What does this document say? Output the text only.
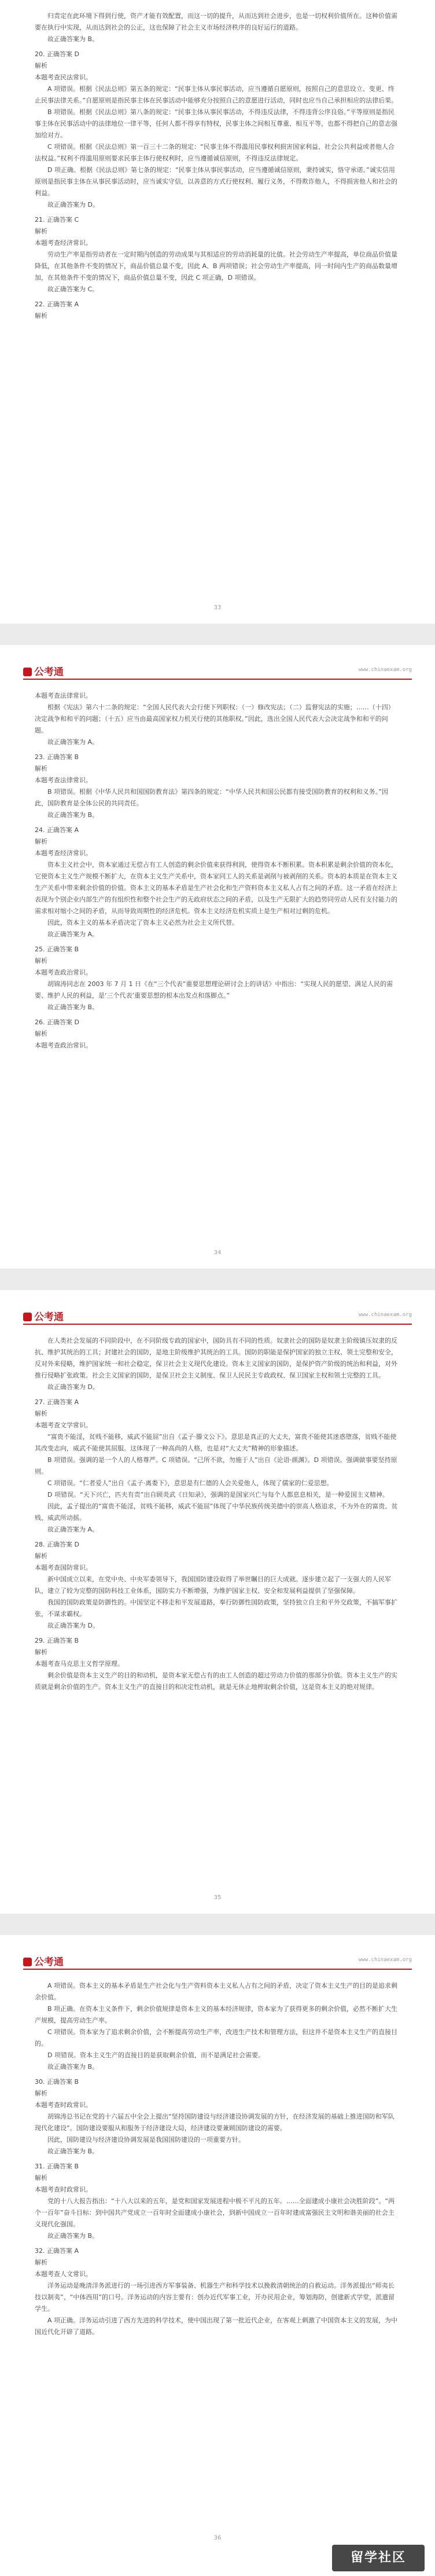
归责定在此环境下得到行使，资产才能有效配置，而这一切的提升，从而达到社会进步，也是一切权利价值所在。这种价值需要在执行中实现，从而达到社会的公正，这也保障了社会主义市场经济秩序的良好运行的道路。

故正确答案为 B。

20. 正确答案 D

解析

本题考查民法常识。

A 项错误。根据《民法总则》第五条的规定：“民事主体从事民事活动，应当遵循自愿原则，按照自己的意思设立、变更、终止民事法律关系。”自愿原则是指民事主体在民事活动中能够充分按照自己的意愿进行活动，同时也应当自己承担相应的法律后果。

B 项错误。根据《民法总则》第八条的规定：“民事主体从事民事活动，不得违反法律，不得违背公序良俗。”平等原则是指民事主体在民事活动中的法律地位一律平等，任何人都不得享有特权，民事主体之间相互尊重、相互平等，也都不得把自己的意志强加给对方。

C 项错误。根据《民法总则》第一百三十二条的规定：“民事主体不得滥用民事权利损害国家利益、社会公共利益或者他人合法权益。”权利不得滥用原则要求民事主体行使权利时，应当遵循诚信原则，不得违反法律规定。

D 项正确。根据《民法总则》第七条的规定：“民事主体从事民事活动，应当遵循诚信原则，秉持诚实，恪守承诺。”诚实信用原则是指民事主体在从事民事活动时，应当诚实守信，以善意的方式行使权利、履行义务，不得欺诈他人，不得损害他人和社会的利益。

故正确答案为 D。

21. 正确答案 C

解析

本题考查经济常识。

劳动生产率是指劳动者在一定时期内创造的劳动成果与其相适应的劳动消耗量的比值。社会劳动生产率提高，单位商品价值量降低，在其他条件不变的情况下，商品价值总量不变，因此 A、B 两项错误；社会劳动生产率提高，同一时间内生产的商品数量增加，在其他条件不变的情况下，商品价值总量不变，因此 C 项正确，D 项错误。

故正确答案为 C。

22. 正确答案 A

解析

33
公考通	www.chinaexam.org

本题考查法律常识。

根据《宪法》第六十二条的规定：“全国人民代表大会行使下列职权：（一）修改宪法；（二）监督宪法的实施；……（十四）决定战争和和平的问题；（十五）应当由最高国家权力机关行使的其他职权。”因此，选出全国人民代表大会决定战争和和平的问题。

故正确答案为 A。

23. 正确答案 B

解析

本题考查法律常识。

B 项错误。根据《中华人民共和国国防教育法》第四条的规定：“中华人民共和国公民都有接受国防教育的权利和义务。”因此，国防教育是全体公民的共同责任。

故正确答案为 B。

24. 正确答案 A

解析

本题考查经济常识。

资本主义社会中，资本家通过无偿占有工人创造的剩余价值来获得利润，使得资本不断积累。资本积累是剩余价值的资本化，它使资本主义生产规模不断扩大，在资本主义生产关系中，资本家同工人的关系是剥削与被剥削的关系。资本的本质是在资本主义生产关系中带来剩余价值的价值。资本主义的基本矛盾是生产社会化和生产资料资本主义私人占有之间的矛盾。这一矛盾在经济上表现为个别企业内部生产的有组织性和整个社会生产的无政府状态之间的矛盾，以及生产无限扩大的趋势同劳动人民有支付能力的需求相对缩小之间的矛盾，从而导致周期性的经济危机。资本主义经济危机实质上是生产相对过剩的危机。

因此，资本主义的基本矛盾决定了资本主义必然为社会主义所代替。

故正确答案为 A。

25. 正确答案 B

解析

本题考查政治常识。

胡锦涛同志在 2003 年 7 月 1 日《在“三个代表”重要思想理论研讨会上的讲话》中指出：“实现人民的愿望、满足人民的需要、维护人民的利益，是‘三个代表’重要思想的根本出发点和落脚点。”

故正确答案为 B。

26. 正确答案 D

解析

本题考查政治常识。

34
公考通	www.chinaexam.org

在人类社会发展的不同阶段中，在不同阶级专政的国家中，国防具有不同的性质。奴隶社会的国防是奴隶主阶级镇压奴隶的反抗、维护其统治的工具；封建社会的国防，是地主阶级维护其统治的工具。国防的职能是保护国家的独立主权、领土完整和安全，反对外来侵略，维护国家统一和社会稳定，保卫社会主义现代化建设。资本主义国家的国防，是保护资产阶级的统治和利益，对外推行侵略扩张政策。社会主义国家的国防，是保卫社会主义制度、保卫人民民主专政政权、保卫国家主权和领土完整的工具。

故正确答案为 D。

27. 正确答案 A

解析

本题考查文学常识。

“富贵不能淫，贫贱不能移，威武不能屈”出自《孟子·滕文公下》。意思是真正的大丈夫，富贵不能使其迷惑堕落，贫贱不能使其改变志向，威武不能使其屈服。这体现了一种高尚的人格，也是对“大丈夫”精神的形象描述。

B 项错误。强调的是一个人的人格尊严。C 项错误。“己所不欲，勿施于人”出自《论语·颜渊》。D 项错误。强调做事要坚持原则。

C 项错误。“仁者爱人”出自《孟子·离娄下》，意思是有仁德的人会关爱他人，体现了儒家的仁爱思想。

D 项错误。“天下兴亡，匹夫有责”出自顾炎武《日知录》，强调的是国家兴亡与每个人都息息相关，是一种爱国主义精神。

因此，孟子提出的“富贵不能淫，贫贱不能移，威武不能屈”体现了中华民族传统美德中的崇高人格追求，不为外在的富贵、贫贱、威武所动摇。

故正确答案为 A。

28. 正确答案 D

解析

本题考查国防常识。

新中国成立以来，在党中央、中央军委领导下，我国国防建设取得了举世瞩目的巨大成就。逐步建立起了一支强大的人民军队，建立了较为完整的国防科技工业体系，国防实力不断增强，为维护国家主权、安全和发展利益提供了坚强保障。

我国的国防政策是防御性的。中国坚定不移走和平发展道路，奉行防御性国防政策，坚持独立自主和平外交政策，不搞军事扩张，不谋求霸权。

故正确答案为 D。

29. 正确答案 B

解析

本题考查马克思主义哲学原理。

剩余价值是资本主义生产的目的和动机，是资本家无偿占有的由工人创造的超过劳动力价值的那部分价值。资本主义生产的实质就是剩余价值的生产。资本主义生产的直接目的和决定性动机，就是无休止地榨取剩余价值，这是资本主义的绝对规律。

35
公考通	www.chinaexam.org

A 项错误。资本主义的基本矛盾是生产社会化与生产资料资本主义私人占有之间的矛盾，决定了资本主义生产的目的是追求剩余价值。

B 项正确。在资本主义条件下，剩余价值规律是资本主义的基本经济规律，资本家为了获得更多的剩余价值，必然不断扩大生产规模，提高劳动生产率。

C 项错误。资本家为了追求剩余价值，会不断提高劳动生产率，改进生产技术和管理方法，但这并不是资本主义生产的直接目的。

D 项错误。资本主义生产的直接目的是获取剩余价值，而不是满足社会需要。

故正确答案为 B。

30. 正确答案 B

解析

本题考查时政常识。

胡锦涛总书记在党的十六届五中全会上提出“坚持国防建设与经济建设协调发展的方针，在经济发展的基础上推进国防和军队现代化建设”。国防建设要服从和服务于经济建设大局，经济建设要兼顾国防建设的需要。

因此，国防建设与经济建设协调发展是我国国防建设的一项重要方针。

故正确答案为 B。

31. 正确答案 B

解析

本题考查时政常识。

党的十八大报告指出：“十八大以来的五年，是党和国家发展进程中极不平凡的五年。……全面建成小康社会决胜阶段”。“两个一百年”奋斗目标：到中国共产党成立一百年时全面建成小康社会，到新中国成立一百年时建成富强民主文明和谐美丽的社会主义现代化强国。

故正确答案为 B。

32. 正确答案 A

解析

本题考查人文常识。

洋务运动是晚清洋务派进行的一场引进西方军事装备、机器生产和科学技术以挽救清朝统治的自救运动。洋务派提出“师夷长技以制夷”、“中体西用”的口号。洋务运动的内容主要有：创办近代军事工业，开办民用企业，筹划海防，创建新式学堂，派遣留学生。

A 项正确。洋务运动引进了西方先进的科学技术，使中国出现了第一批近代企业，在客观上刺激了中国资本主义的发展，为中国近代化开辟了道路。

36
留学社区
